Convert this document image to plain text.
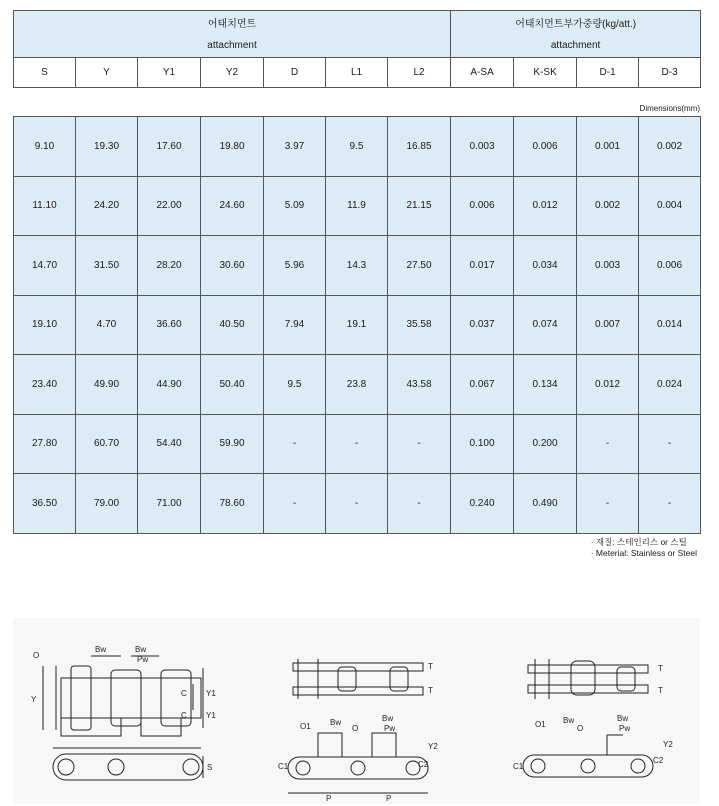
어태치먼트							어태치먼트부가중량(kg/att.)			
attachment							attachment			
S	Y	Y1	Y2	D	L1	L2	A-SA	K-SK	D-1	D-3
Dimensions(mm)
9.10	19.30	17.60	19.80	3.97	9.5	16.85	0.003	0.006	0.001	0.002
11.10	24.20	22.00	24.60	5.09	11.9	21.15	0.006	0.012	0.002	0.004
14.70	31.50	28.20	30.60	5.96	14.3	27.50	0.017	0.034	0.003	0.006
19.10	4.70	36.60	40.50	7.94	19.1	35.58	0.037	0.074	0.007	0.014
23.40	49.90	44.90	50.40	9.5	23.8	43.58	0.067	0.134	0.012	0.024
27.80	60.70	54.40	59.90	-	-	-	0.100	0.200	-	-
36.50	79.00	71.00	78.60	-	-	-	0.240	0.490	-	-
· 재질: 스테인리스 or 스틸
· Meterial: Stainless or Steel
O
Bw	Bw
Pw
Y
C Y1
C Y1
S
T
T
Bw	Bw
Pw
O1	O
Y2
C2
C1
P	P
T
T
Bw	Bw
Pw
O1	O
Y2
C2
C1
